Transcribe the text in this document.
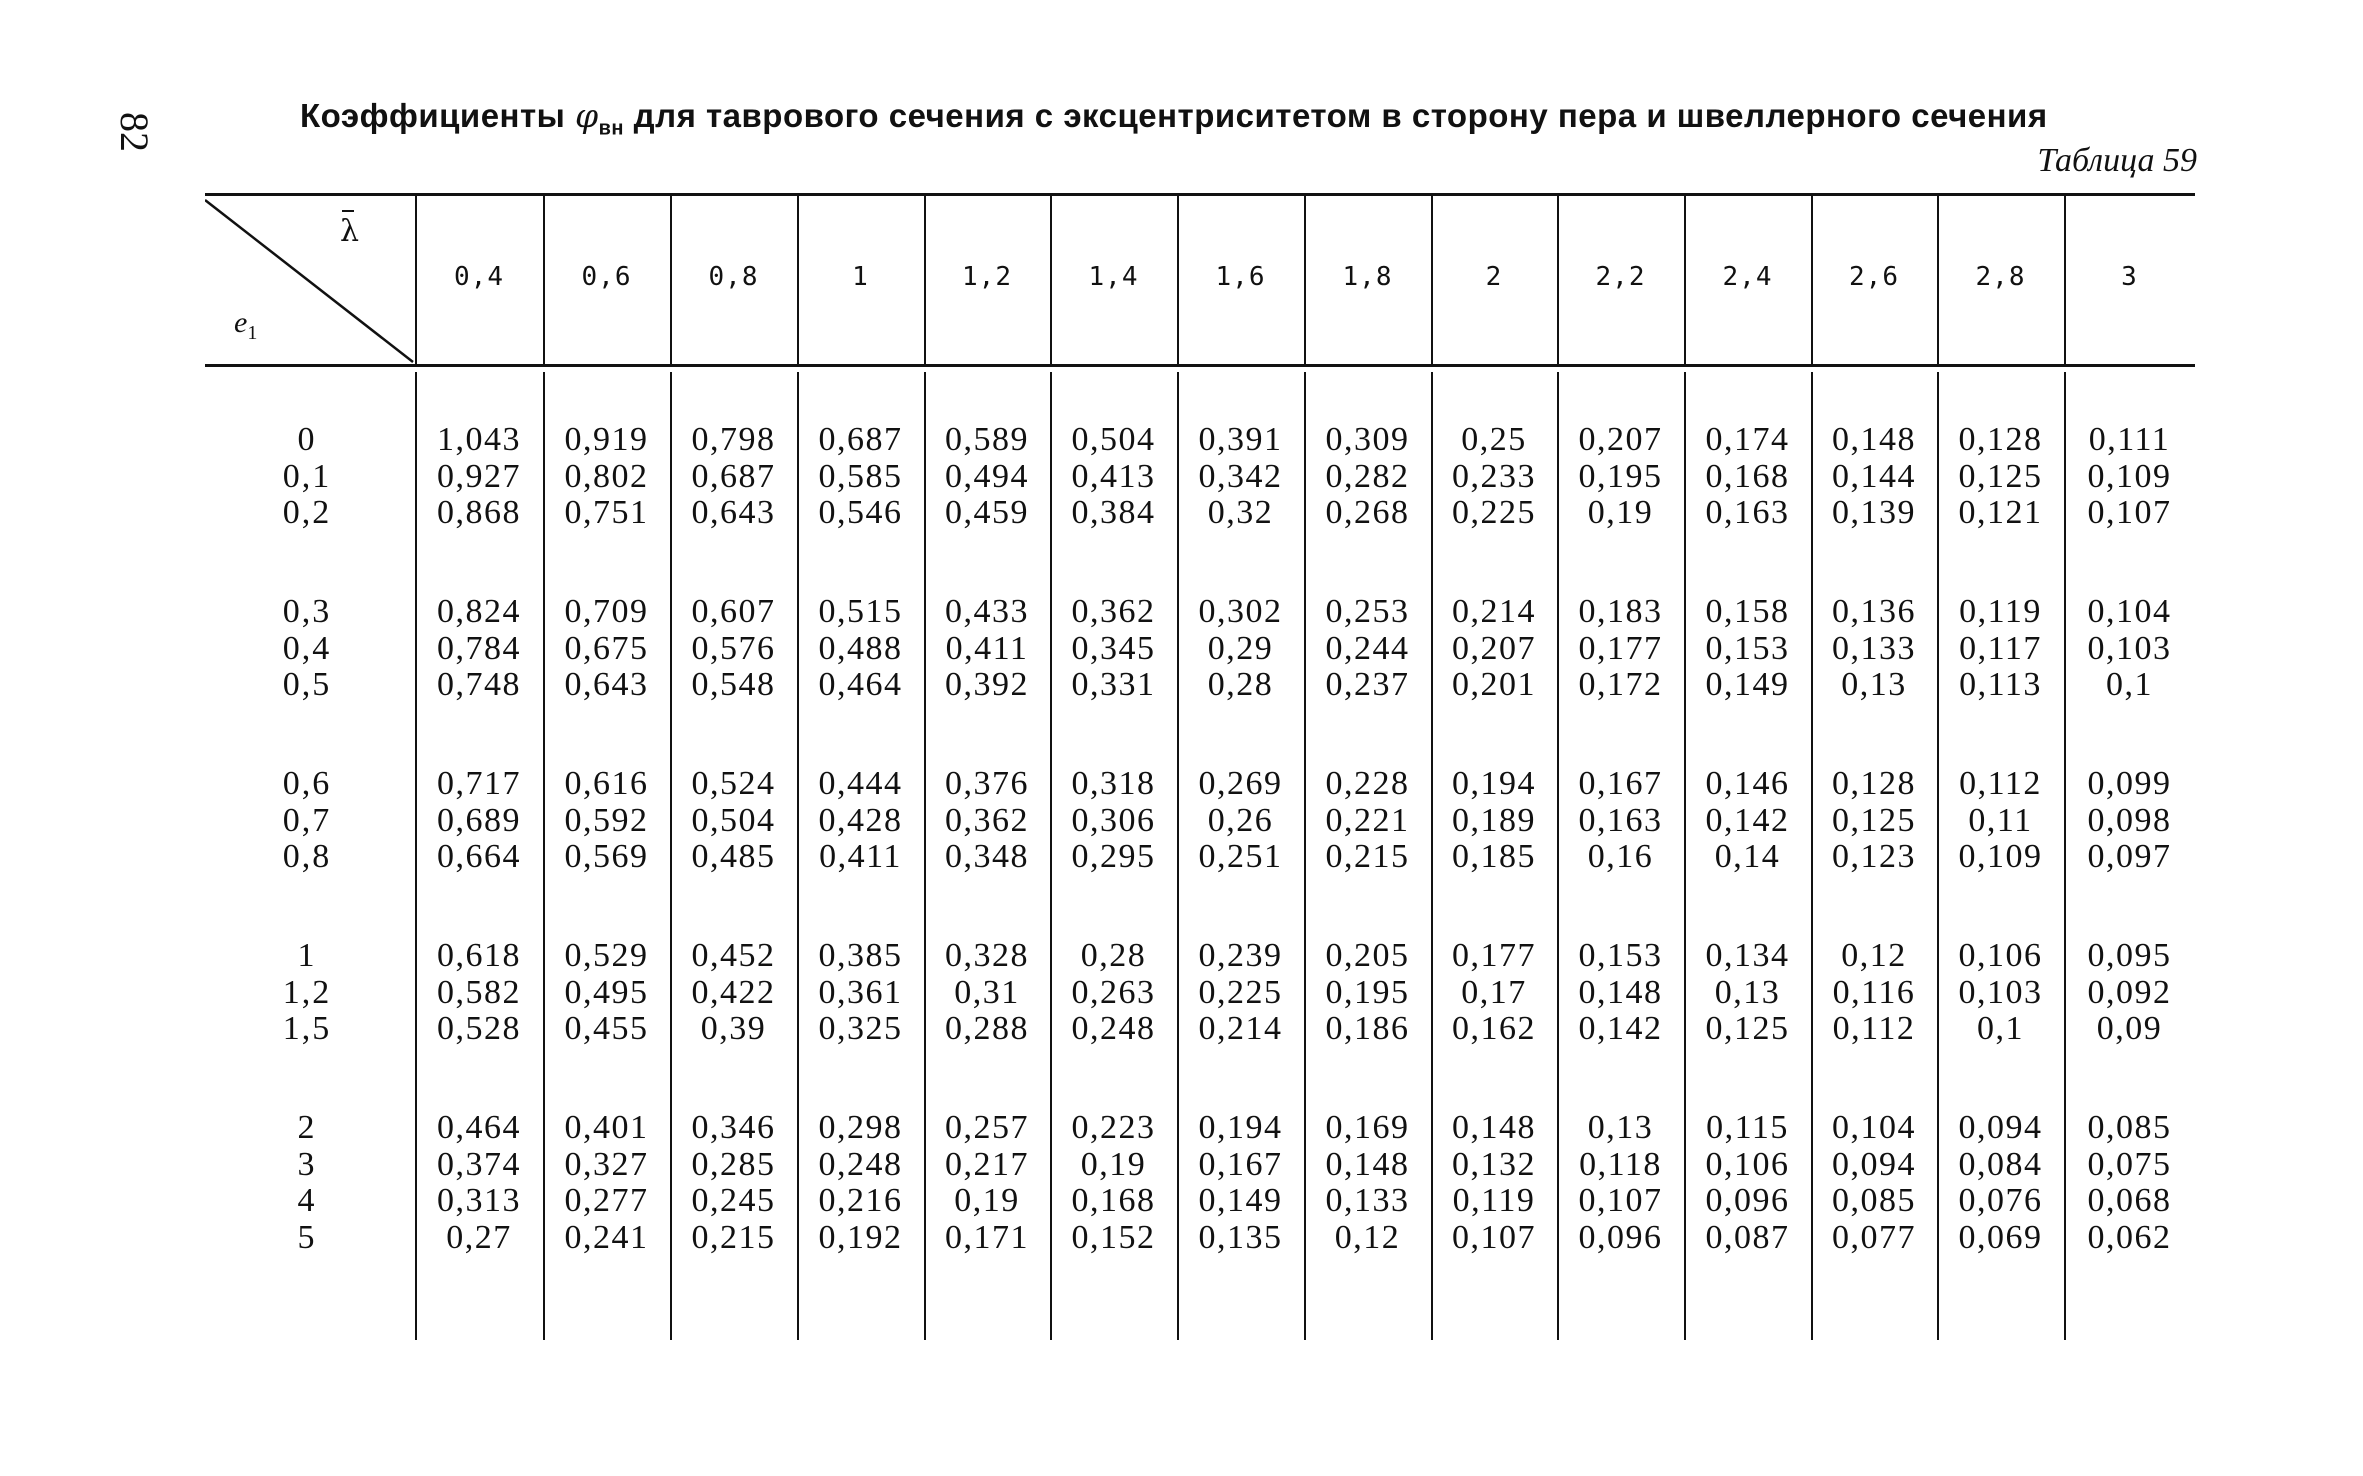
82	Коэффициенты $\varphi_{вн}$ для таврового сечения с эксцентриситетом в сторону пера и швеллерного сечения
Таблица 59
λ
$e_1$
0,4	0,6	0,8	1	1,2	1,4	1,6	1,8	2	2,2	2,4	2,6	2,8	3
0	1,043	0,919	0,798	0,687	0,589	0,504	0,391	0,309	0,25	0,207	0,174	0,148	0,128	0,111
0,1	0,927	0,802	0,687	0,585	0,494	0,413	0,342	0,282	0,233	0,195	0,168	0,144	0,125	0,109
0,2	0,868	0,751	0,643	0,546	0,459	0,384	0,32	0,268	0,225	0,19	0,163	0,139	0,121	0,107
0,3	0,824	0,709	0,607	0,515	0,433	0,362	0,302	0,253	0,214	0,183	0,158	0,136	0,119	0,104
0,4	0,784	0,675	0,576	0,488	0,411	0,345	0,29	0,244	0,207	0,177	0,153	0,133	0,117	0,103
0,5	0,748	0,643	0,548	0,464	0,392	0,331	0,28	0,237	0,201	0,172	0,149	0,13	0,113	0,1
0,6	0,717	0,616	0,524	0,444	0,376	0,318	0,269	0,228	0,194	0,167	0,146	0,128	0,112	0,099
0,7	0,689	0,592	0,504	0,428	0,362	0,306	0,26	0,221	0,189	0,163	0,142	0,125	0,11	0,098
0,8	0,664	0,569	0,485	0,411	0,348	0,295	0,251	0,215	0,185	0,16	0,14	0,123	0,109	0,097
1	0,618	0,529	0,452	0,385	0,328	0,28	0,239	0,205	0,177	0,153	0,134	0,12	0,106	0,095
1,2	0,582	0,495	0,422	0,361	0,31	0,263	0,225	0,195	0,17	0,148	0,13	0,116	0,103	0,092
1,5	0,528	0,455	0,39	0,325	0,288	0,248	0,214	0,186	0,162	0,142	0,125	0,112	0,1	0,09
2	0,464	0,401	0,346	0,298	0,257	0,223	0,194	0,169	0,148	0,13	0,115	0,104	0,094	0,085
3	0,374	0,327	0,285	0,248	0,217	0,19	0,167	0,148	0,132	0,118	0,106	0,094	0,084	0,075
4	0,313	0,277	0,245	0,216	0,19	0,168	0,149	0,133	0,119	0,107	0,096	0,085	0,076	0,068
5	0,27	0,241	0,215	0,192	0,171	0,152	0,135	0,12	0,107	0,096	0,087	0,077	0,069	0,062
